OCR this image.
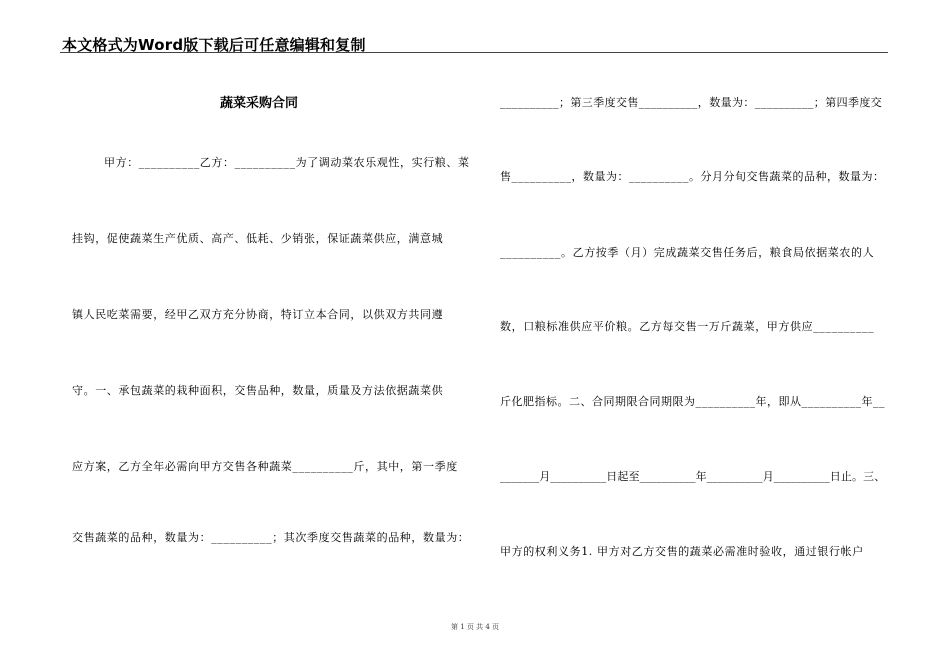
本文格式为Word版下载后可任意编辑和复制
蔬菜采购合同
甲方：__________乙方：__________为了调动菜农乐观性，实行粮、菜
挂钩，促使蔬菜生产优质、高产、低耗、少销张，保证蔬菜供应，满意城
镇人民吃菜需要，经甲乙双方充分协商，特订立本合同，以供双方共同遵
守。一、承包蔬菜的栽种面积，交售品种，数量，质量及方法依据蔬菜供
应方案，乙方全年必需向甲方交售各种蔬菜__________斤，其中，第一季度
交售蔬菜的品种，数量为：__________；其次季度交售蔬菜的品种，数量为：
__________；第三季度交售__________，数量为：__________；第四季度交
售__________，数量为：__________。分月分旬交售蔬菜的品种，数量为：
__________。乙方按季（月）完成蔬菜交售任务后，粮食局依据菜农的人
数，口粮标准供应平价粮。乙方每交售一万斤蔬菜，甲方供应__________
斤化肥指标。二、合同期限合同期限为__________年，即从__________年__
_______月__________日起至__________年__________月__________日止。三、
甲方的权利义务1. 甲方对乙方交售的蔬菜必需准时验收，通过银行帐户
第 1 页 共 4 页
